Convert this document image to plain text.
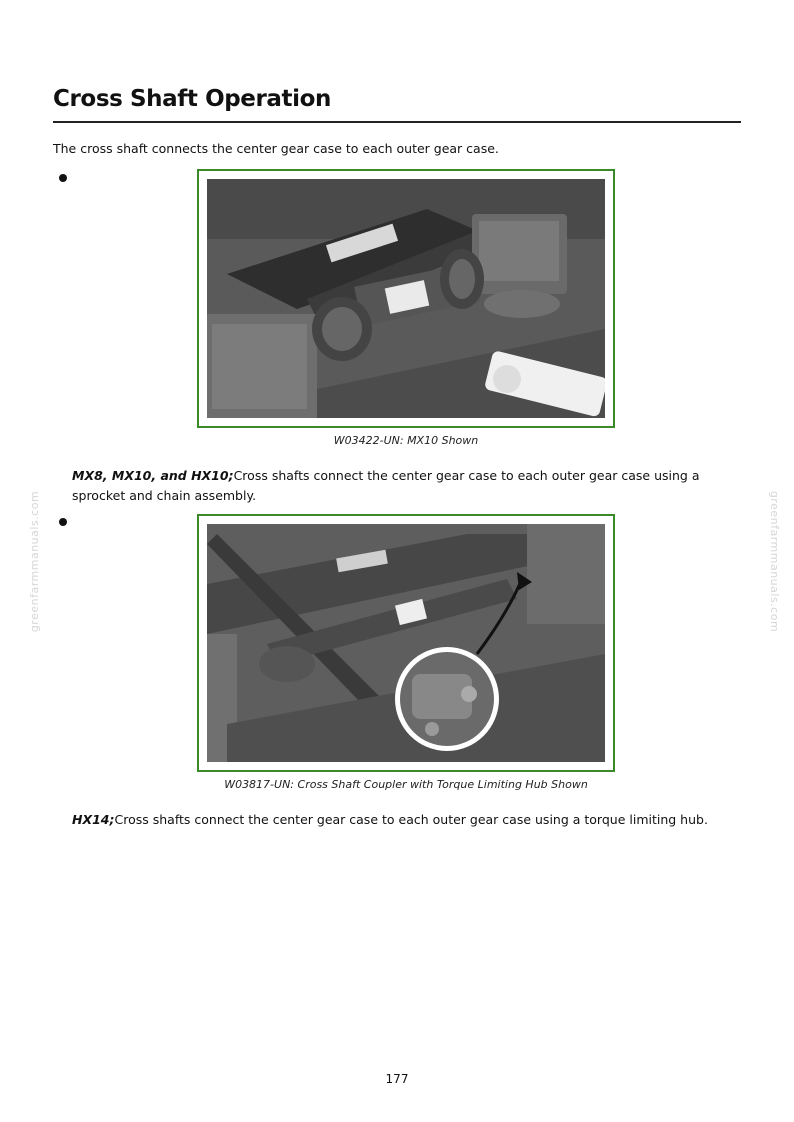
Cross Shaft Operation

The cross shaft connects the center gear case to each outer gear case.

W03422-UN: MX10 Shown

MX8, MX10, and HX10;Cross shafts connect the center gear case to each outer gear case using a sprocket and chain assembly.

W03817-UN: Cross Shaft Coupler with Torque Limiting Hub Shown

HX14;Cross shafts connect the center gear case to each outer gear case using a torque limiting hub.

177
greenfarmmanuals.com	greenfarmmanuals.com
